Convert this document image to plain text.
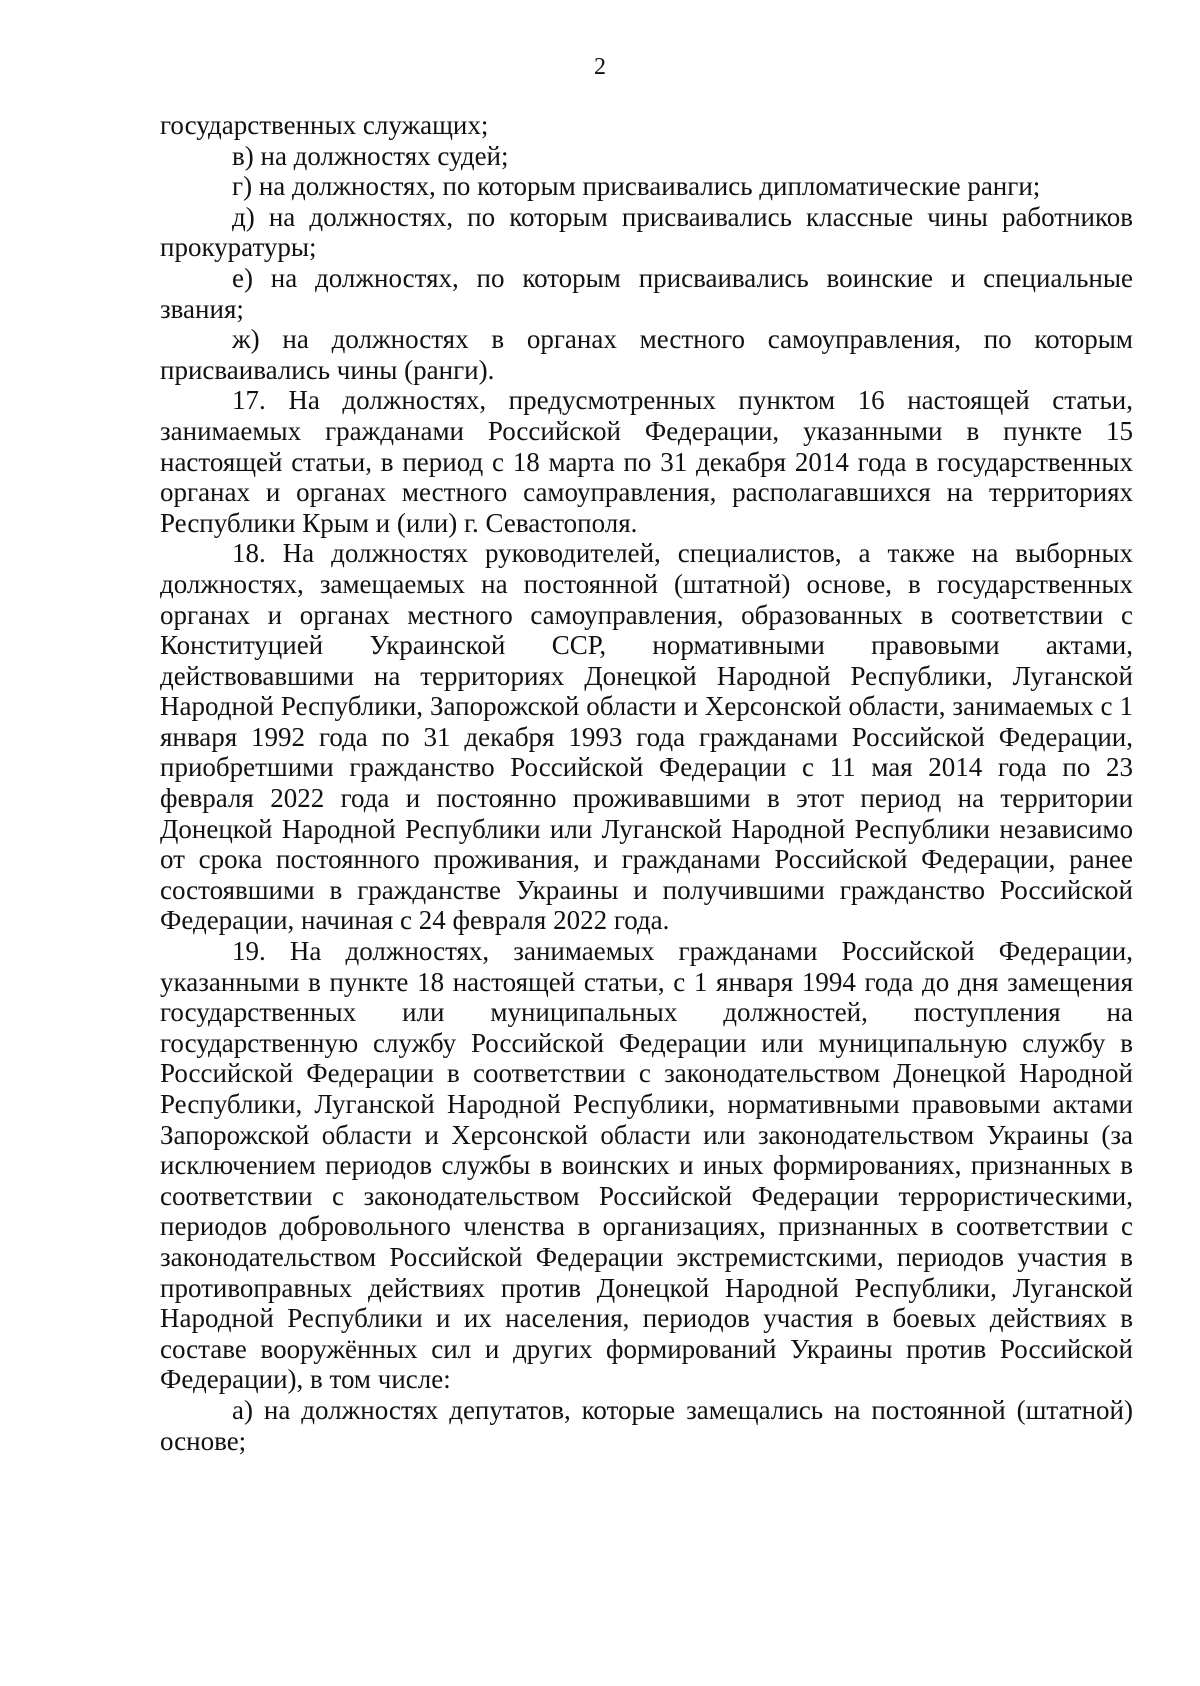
2

государственных служащих;

в) на должностях судей;

г) на должностях, по которым присваивались дипломатические ранги;

д) на должностях, по которым присваивались классные чины работников прокуратуры;

е) на должностях, по которым присваивались воинские и специальные звания;

ж) на должностях в органах местного самоуправления, по которым присваивались чины (ранги).

17. На должностях, предусмотренных пунктом 16 настоящей статьи, занимаемых гражданами Российской Федерации, указанными в пункте 15 настоящей статьи, в период с 18 марта по 31 декабря 2014 года в государственных органах и органах местного самоуправления, располагавшихся на территориях Республики Крым и (или) г. Севастополя.

18. На должностях руководителей, специалистов, а также на выборных должностях, замещаемых на постоянной (штатной) основе, в государственных органах и органах местного самоуправления, образованных в соответствии с Конституцией Украинской ССР, нормативными правовыми актами, действовавшими на территориях Донецкой Народной Республики, Луганской Народной Республики, Запорожской области и Херсонской области, занимаемых с 1 января 1992 года по 31 декабря 1993 года гражданами Российской Федерации, приобретшими гражданство Российской Федерации с 11 мая 2014 года по 23 февраля 2022 года и постоянно проживавшими в этот период на территории Донецкой Народной Республики или Луганской Народной Республики независимо от срока постоянного проживания, и гражданами Российской Федерации, ранее состоявшими в гражданстве Украины и получившими гражданство Российской Федерации, начиная с 24 февраля 2022 года.

19. На должностях, занимаемых гражданами Российской Федерации, указанными в пункте 18 настоящей статьи, с 1 января 1994 года до дня замещения государственных или муниципальных должностей, поступления на государственную службу Российской Федерации или муниципальную службу в Российской Федерации в соответствии с законодательством Донецкой Народной Республики, Луганской Народной Республики, нормативными правовыми актами Запорожской области и Херсонской области или законодательством Украины (за исключением периодов службы в воинских и иных формированиях, признанных в соответствии с законодательством Российской Федерации террористическими, периодов добровольного членства в организациях, признанных в соответствии с законодательством Российской Федерации экстремистскими, периодов участия в противоправных действиях против Донецкой Народной Республики, Луганской Народной Республики и их населения, периодов участия в боевых действиях в составе вооружённых сил и других формирований Украины против Российской Федерации), в том числе:

а) на должностях депутатов, которые замещались на постоянной (штатной) основе;
